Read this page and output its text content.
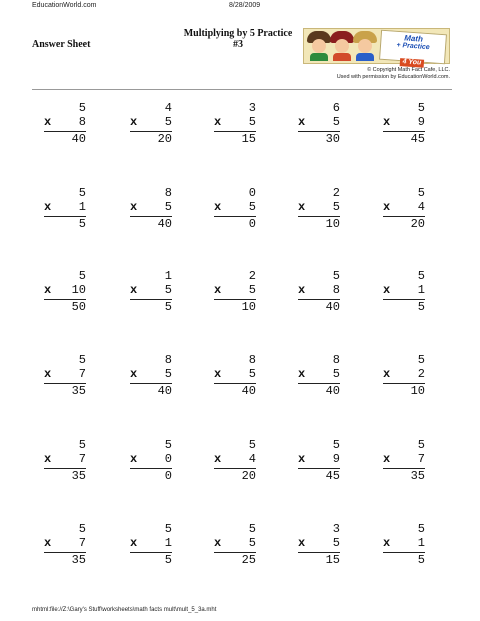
EducationWorld.com	8/28/2009
Answer Sheet
Multiplying by 5 Practice
#3
Math
+ Practice
4 You
© Copyright Math Fact Cafe, LLC.
Used with permission by EducationWorld.com.
5
x 8
40
4
x 5
20
3
x 5
15
6
x 5
30
5
x 9
45
5
x 1
5
8
x 5
40
0
x 5
0
2
x 5
10
5
x 4
20
5
x 10
50
1
x 5
5
2
x 5
10
5
x 8
40
5
x 1
5
5
x 7
35
8
x 5
40
8
x 5
40
8
x 5
40
5
x 2
10
5
x 7
35
5
x 0
0
5
x 4
20
5
x 9
45
5
x 7
35
5
x 7
35
5
x 1
5
5
x 5
25
3
x 5
15
5
x 1
5
mhtml:file://Z:\Gary's Stuff\worksheets\math facts mult\mult_5_3a.mht
